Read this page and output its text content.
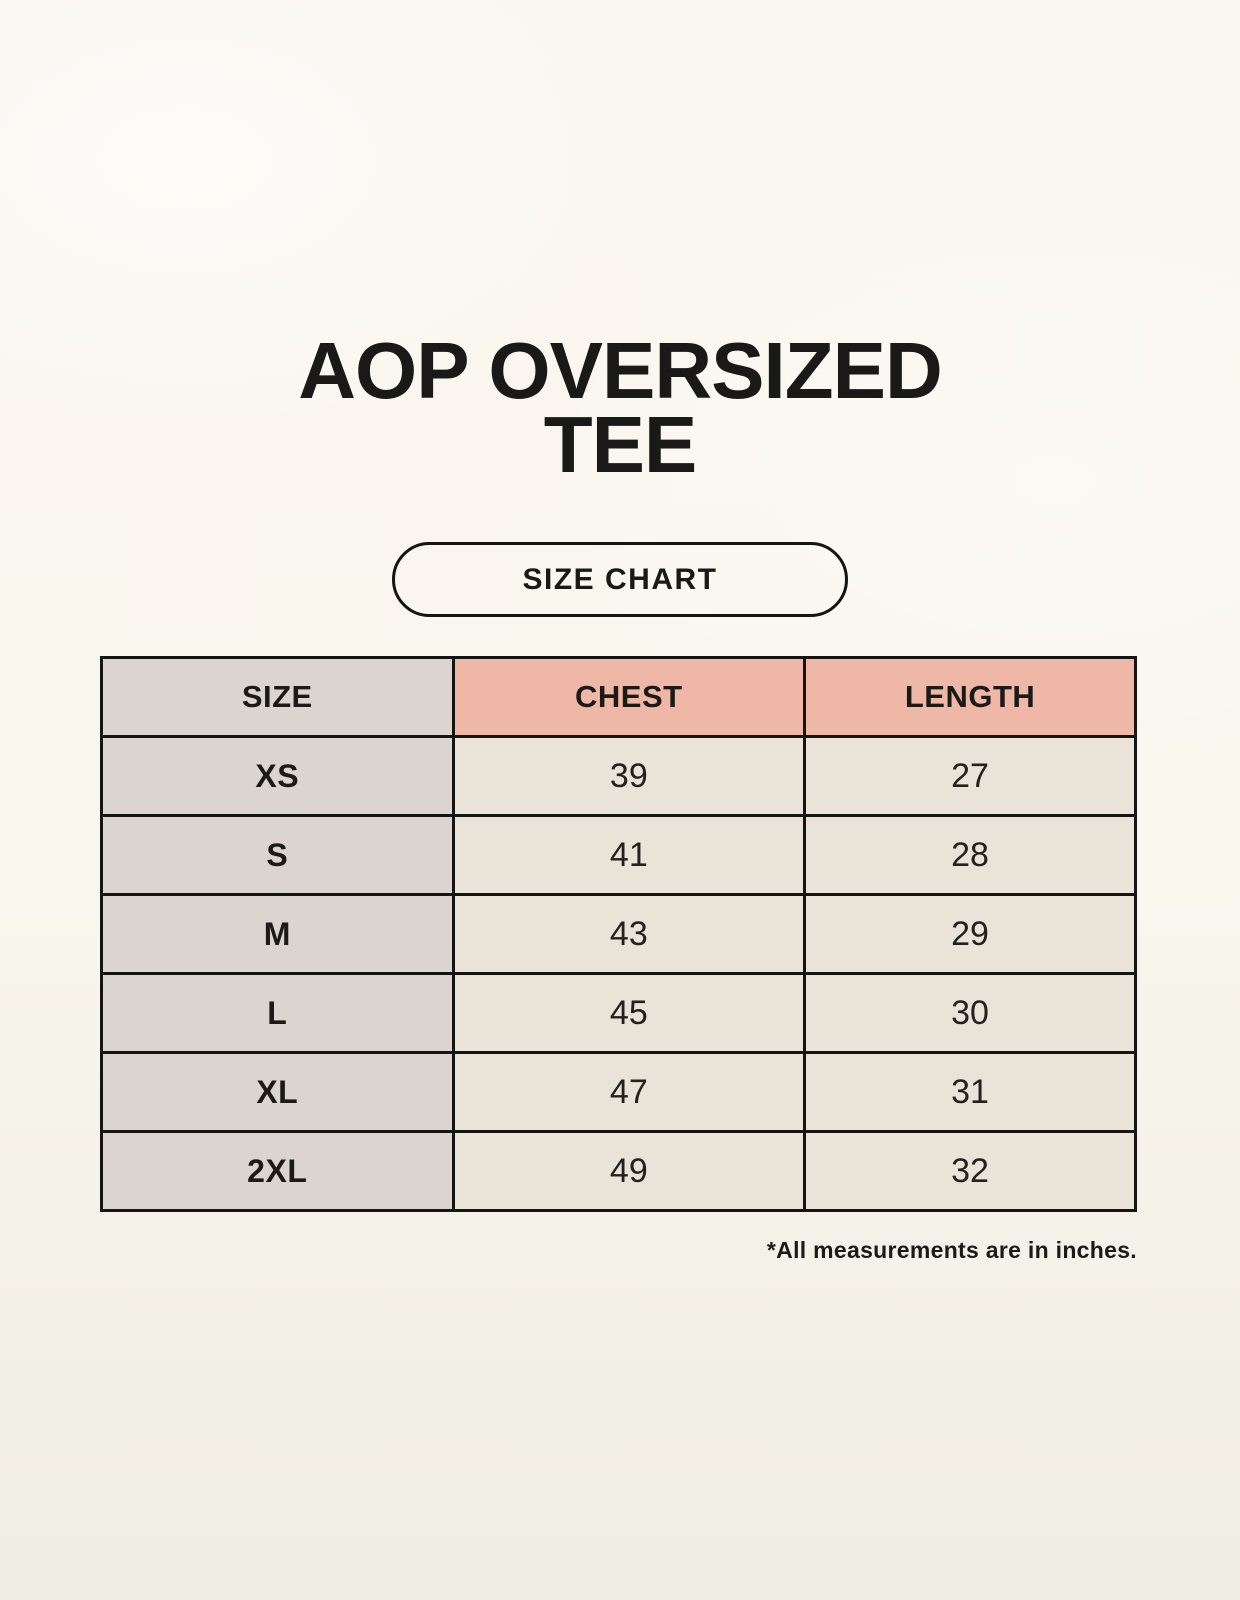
AOP OVERSIZED
TEE
SIZE CHART
SIZE	CHEST	LENGTH
XS	39	27
S	41	28
M	43	29
L	45	30
XL	47	31
2XL	49	32
*All measurements are in inches.
